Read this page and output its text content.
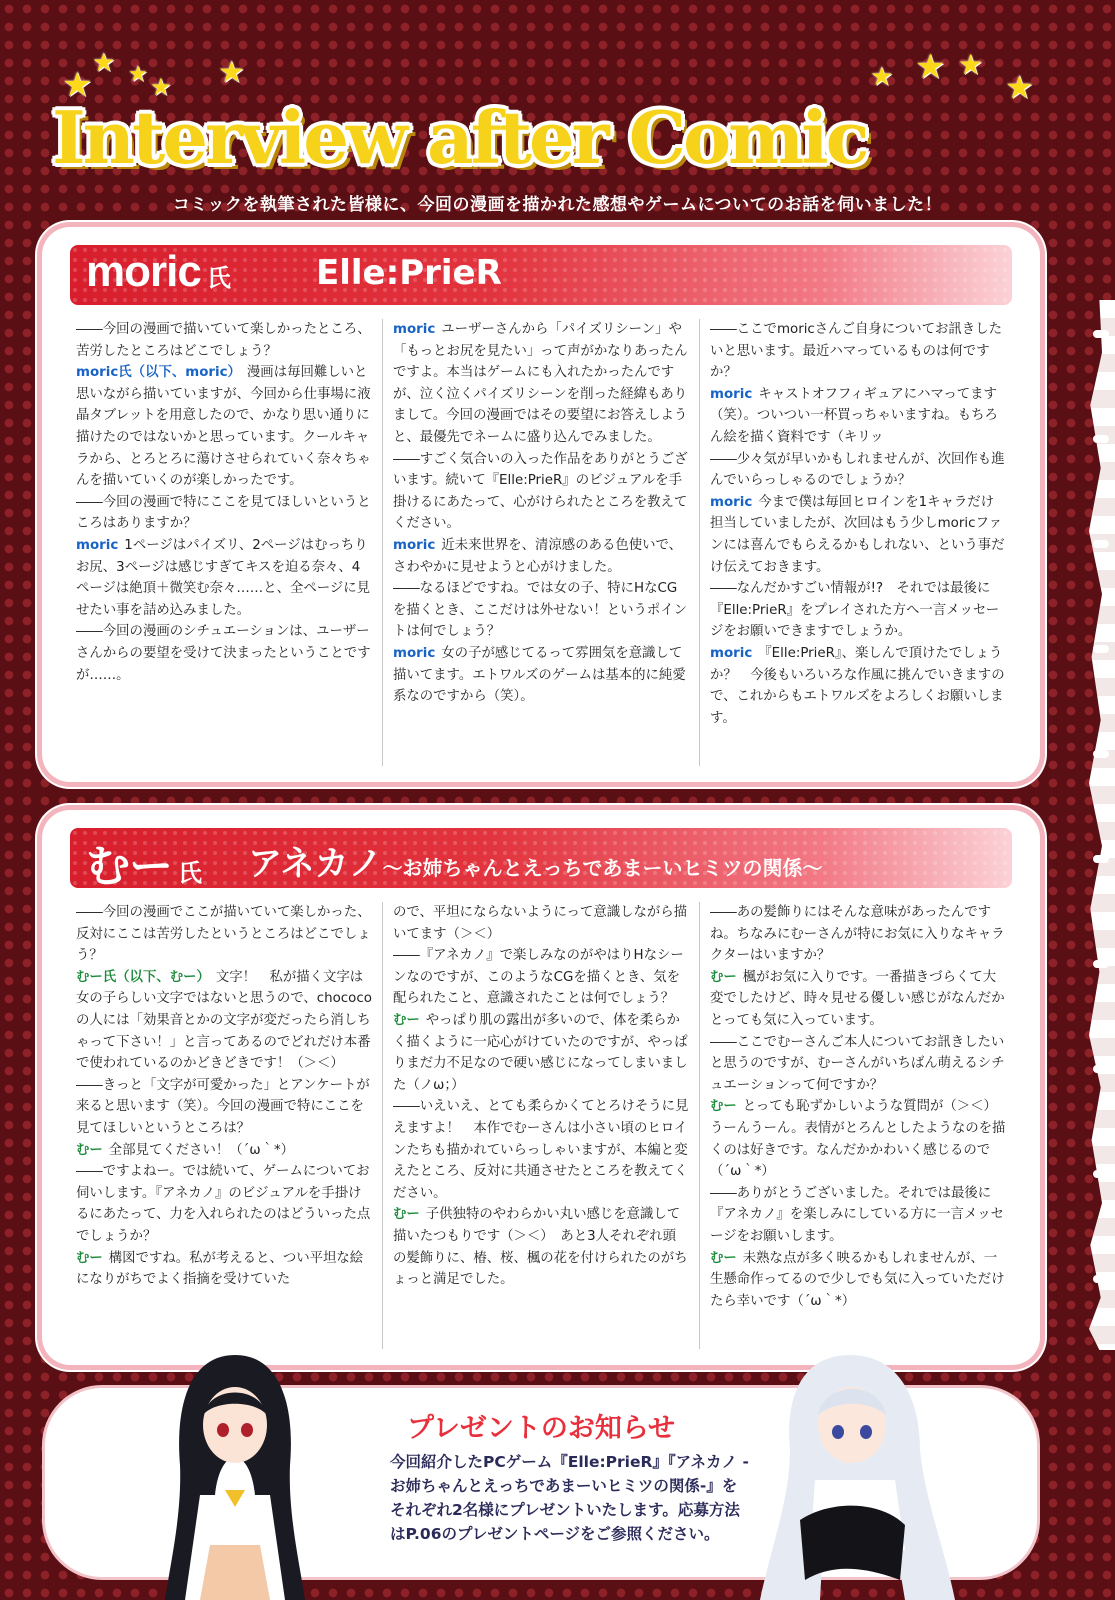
★
★ ★ ★ ★	★ ★ ★
★
Interview after Comic
コミックを執筆された皆様に、今回の漫画を描かれた感想やゲームについてのお話を伺いました！
moric 氏	Elle:PrieR

――今回の漫画で描いていて楽しかったところ、苦労したところはどこでしょう？

moric氏（以下、moric） 漫画は毎回難しいと思いながら描いていますが、今回から仕事場に液晶タブレットを用意したので、かなり思い通りに描けたのではないかと思っています。クールキャラから、とろとろに蕩けさせられていく奈々ちゃんを描いていくのが楽しかったです。

――今回の漫画で特にここを見てほしいというところはありますか？

moric 1ページはパイズリ、2ページはむっちりお尻、3ページは感じすぎてキスを迫る奈々、4ページは絶頂＋微笑む奈々……と、全ページに見せたい事を詰め込みました。

――今回の漫画のシチュエーションは、ユーザーさんからの要望を受けて決まったということですが……。

moric ユーザーさんから「パイズリシーン」や「もっとお尻を見たい」って声がかなりあったんですよ。本当はゲームにも入れたかったんですが、泣く泣くパイズリシーンを削った経緯もありまして。今回の漫画ではその要望にお答えしようと、最優先でネームに盛り込んでみました。

――すごく気合いの入った作品をありがとうございます。続いて『Elle:PrieR』のビジュアルを手掛けるにあたって、心がけられたところを教えてください。

moric 近未来世界を、清涼感のある色使いで、さわやかに見せようと心がけました。

――なるほどですね。では女の子、特にHなCGを描くとき、ここだけは外せない！というポイントは何でしょう？

moric 女の子が感じてるって雰囲気を意識して描いてます。エトワルズのゲームは基本的に純愛系なのですから（笑）。

――ここでmoricさんご自身についてお訊きしたいと思います。最近ハマっているものは何ですか？

moric キャストオフフィギュアにハマってます（笑）。ついつい一杯買っちゃいますね。もちろん絵を描く資料です（キリッ

――少々気が早いかもしれませんが、次回作も進んでいらっしゃるのでしょうか？

moric 今まで僕は毎回ヒロインを1キャラだけ担当していましたが、次回はもう少しmoricファンには喜んでもらえるかもしれない、という事だけ伝えておきます。

――なんだかすごい情報が!?　それでは最後に『Elle:PrieR』をプレイされた方へ一言メッセージをお願いできますでしょうか。

moric 『Elle:PrieR』、楽しんで頂けたでしょうか？　今後もいろいろな作風に挑んでいきますので、これからもエトワルズをよろしくお願いします。

むー 氏 アネカノ～お姉ちゃんとえっちであまーいヒミツの関係～

――今回の漫画でここが描いていて楽しかった、反対にここは苦労したというところはどこでしょう？

むー氏（以下、むー） 文字！　私が描く文字は女の子らしい文字ではないと思うので、chococoの人には「効果音とかの文字が変だったら消しちゃって下さい！」と言ってあるのでどれだけ本番で使われているのかどきどきです！（＞＜）

――きっと「文字が可愛かった」とアンケートが来ると思います（笑）。今回の漫画で特にここを見てほしいというところは？

むー 全部見てください！（´ω｀*）

――ですよねー。では続いて、ゲームについてお伺いします。『アネカノ』のビジュアルを手掛けるにあたって、力を入れられたのはどういった点でしょうか？

むー 構図ですね。私が考えると、つい平坦な絵になりがちでよく指摘を受けていた

ので、平坦にならないようにって意識しながら描いてます（＞＜）

――『アネカノ』で楽しみなのがやはりHなシーンなのですが、このようなCGを描くとき、気を配られたこと、意識されたことは何でしょう？

むー やっぱり肌の露出が多いので、体を柔らかく描くように一応心がけていたのですが、やっぱりまだ力不足なので硬い感じになってしまいました（ノω；）

――いえいえ、とても柔らかくてとろけそうに見えますよ！　本作でむーさんは小さい頃のヒロインたちも描かれていらっしゃいますが、本編と変えたところ、反対に共通させたところを教えてください。

むー 子供独特のやわらかい丸い感じを意識して描いたつもりです（＞＜）　あと3人それぞれ頭の髪飾りに、椿、桜、楓の花を付けられたのがちょっと満足でした。

――あの髪飾りにはそんな意味があったんですね。ちなみにむーさんが特にお気に入りなキャラクターはいますか？

むー 楓がお気に入りです。一番描きづらくて大変でしたけど、時々見せる優しい感じがなんだかとっても気に入っています。

――ここでむーさんご本人についてお訊きしたいと思うのですが、むーさんがいちばん萌えるシチュエーションって何ですか？

むー とっても恥ずかしいような質問が（＞＜）　うーんうーん。表情がとろんとしたようなのを描くのは好きです。なんだかかわいく感じるので（´ω｀*）

――ありがとうございました。それでは最後に『アネカノ』を楽しみにしている方に一言メッセージをお願いします。

むー 未熟な点が多く映るかもしれませんが、一生懸命作ってるので少しでも気に入っていただけたら幸いです（´ω｀*）

プレゼントのお知らせ
今回紹介したPCゲーム『Elle:PrieR』『アネカノ -お姉ちゃんとえっちであまーいヒミツの関係-』をそれぞれ2名様にプレゼントいたします。応募方法はP.06のプレゼントページをご参照ください。
